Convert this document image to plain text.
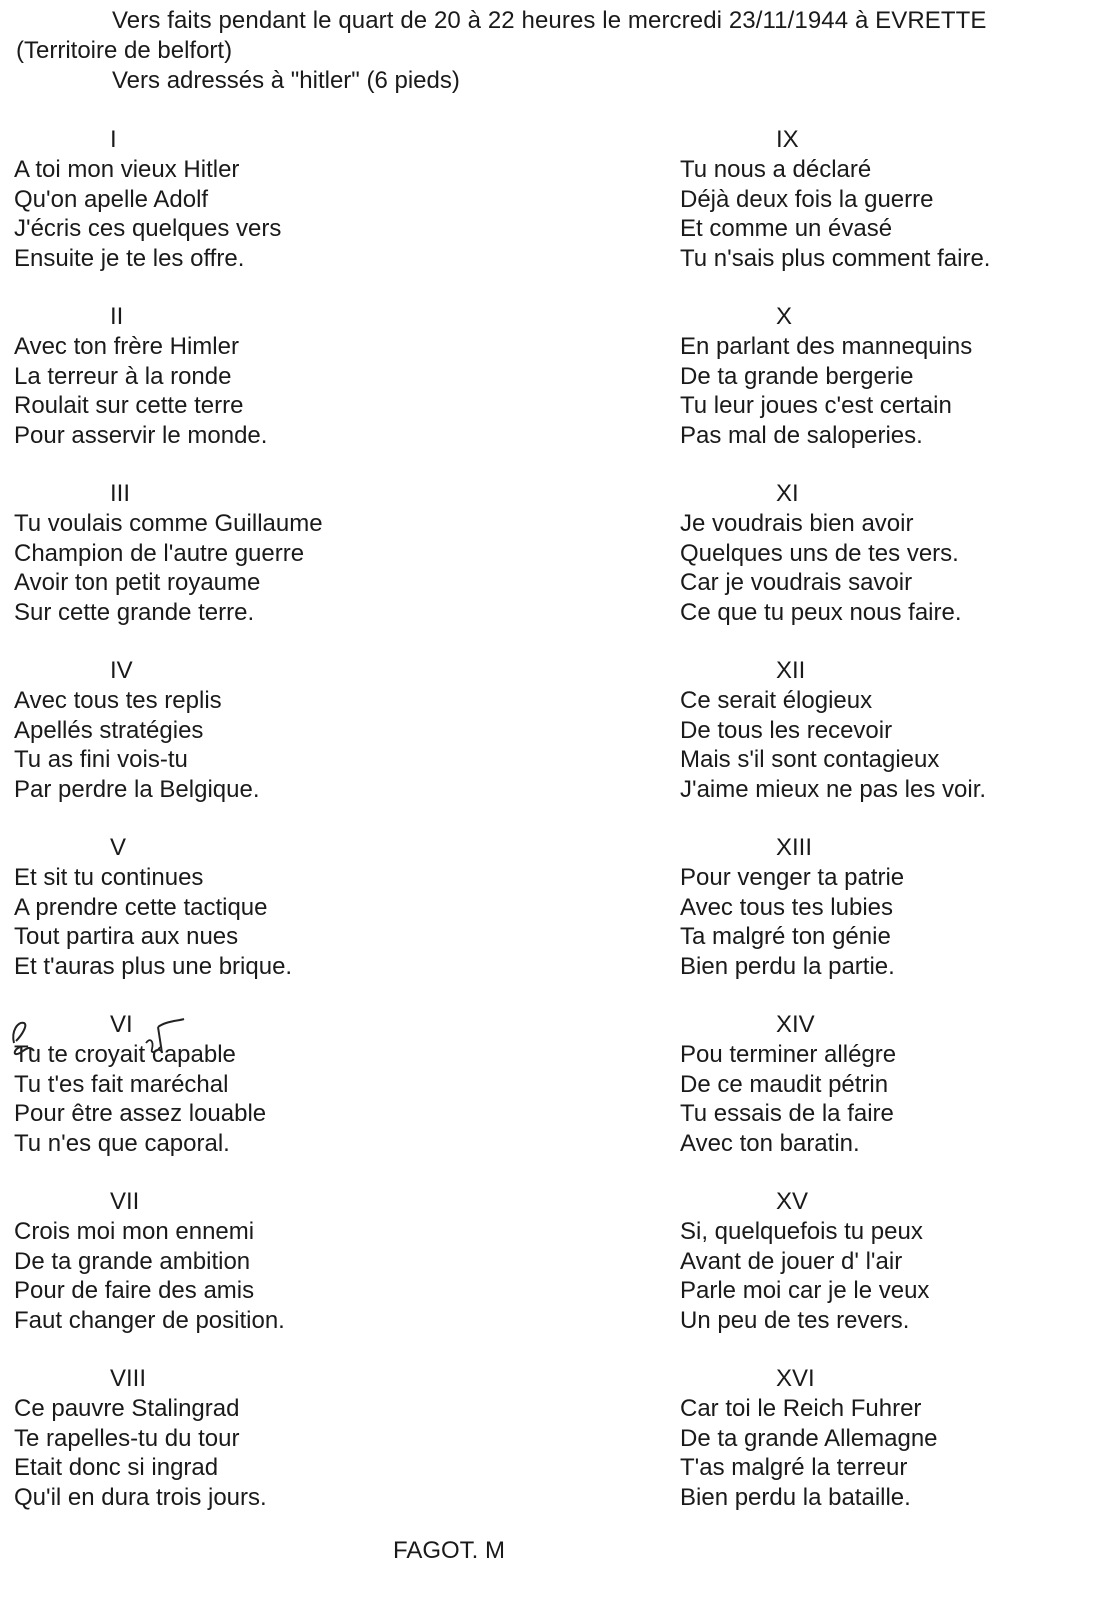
Vers faits pendant le quart de 20 à 22 heures le mercredi 23/11/1944 à EVRETTE
(Territoire de belfort)
Vers adressés à "hitler" (6 pieds)
I
A toi mon vieux Hitler
Qu'on apelle Adolf
J'écris ces quelques vers
Ensuite je te les offre.
II
Avec ton frère Himler
La terreur à la ronde
Roulait sur cette terre
Pour asservir le monde.
III
Tu voulais comme Guillaume
Champion de l'autre guerre
Avoir ton petit royaume
Sur cette grande terre.
IV
Avec tous tes replis
Apellés stratégies
Tu as fini vois-tu
Par perdre la Belgique.
V
Et sit tu continues
A prendre cette tactique
Tout partira aux nues
Et t'auras plus une brique.
VI
Tu te croyait capable
Tu t'es fait maréchal
Pour être assez louable
Tu n'es que caporal.
VII
Crois moi mon ennemi
De ta grande ambition
Pour de faire des amis
Faut changer de position.
VIII
Ce pauvre Stalingrad
Te rapelles-tu du tour
Etait donc si ingrad
Qu'il en dura trois jours.
IX
Tu nous a déclaré
Déjà deux fois la guerre
Et comme un évasé
Tu n'sais plus comment faire.
X
En parlant des mannequins
De ta grande bergerie
Tu leur joues c'est certain
Pas mal de saloperies.
XI
Je voudrais bien avoir
Quelques uns de tes vers.
Car je voudrais savoir
Ce que tu peux nous faire.
XII
Ce serait élogieux
De tous les recevoir
Mais s'il sont contagieux
J'aime mieux ne pas les voir.
XIII
Pour venger ta patrie
Avec tous tes lubies
Ta malgré ton génie
Bien perdu la partie.
XIV
Pou terminer allégre
De ce maudit pétrin
Tu essais de la faire
Avec ton baratin.
XV
Si, quelquefois tu peux
Avant de jouer d' l'air
Parle moi car je le veux
Un peu de tes revers.
XVI
Car toi le Reich Fuhrer
De ta grande Allemagne
T'as malgré la terreur
Bien perdu la bataille.
FAGOT. M
